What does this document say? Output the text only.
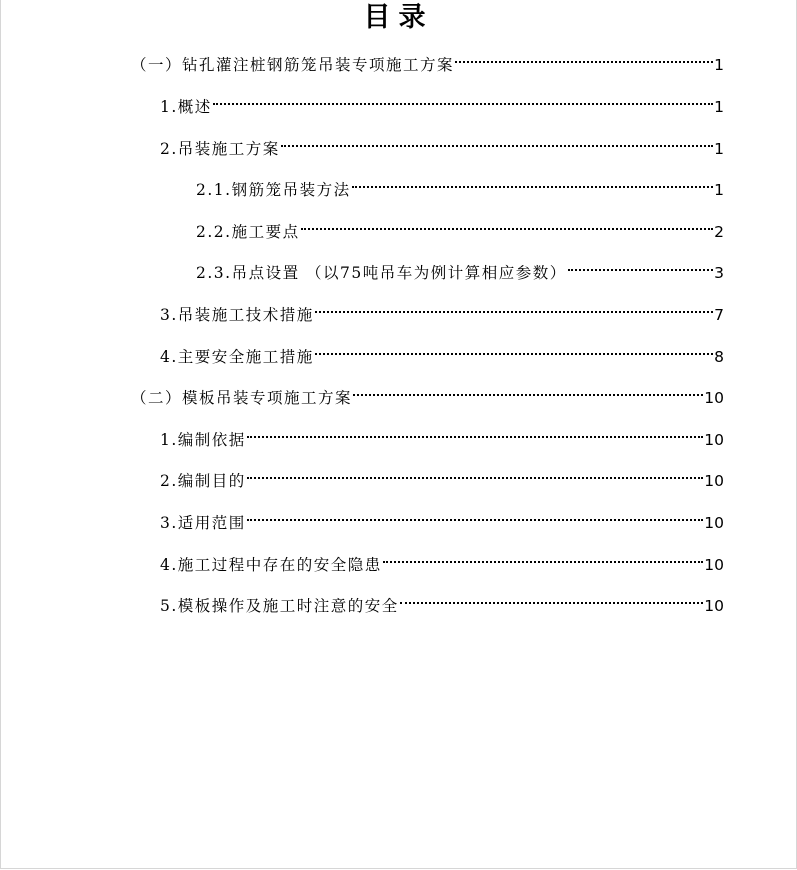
目录
（一）钻孔灌注桩钢筋笼吊装专项施工方案	1
1.概述	1
2.吊装施工方案	1
2.1.钢筋笼吊装方法	1
2.2.施工要点	2
2.3.吊点设置 （以75吨吊车为例计算相应参数）	3
3.吊装施工技术措施	7
4.主要安全施工措施	8
（二）模板吊装专项施工方案	10
1.编制依据	10
2.编制目的	10
3.适用范围	10
4.施工过程中存在的安全隐患	10
5.模板操作及施工时注意的安全	10
